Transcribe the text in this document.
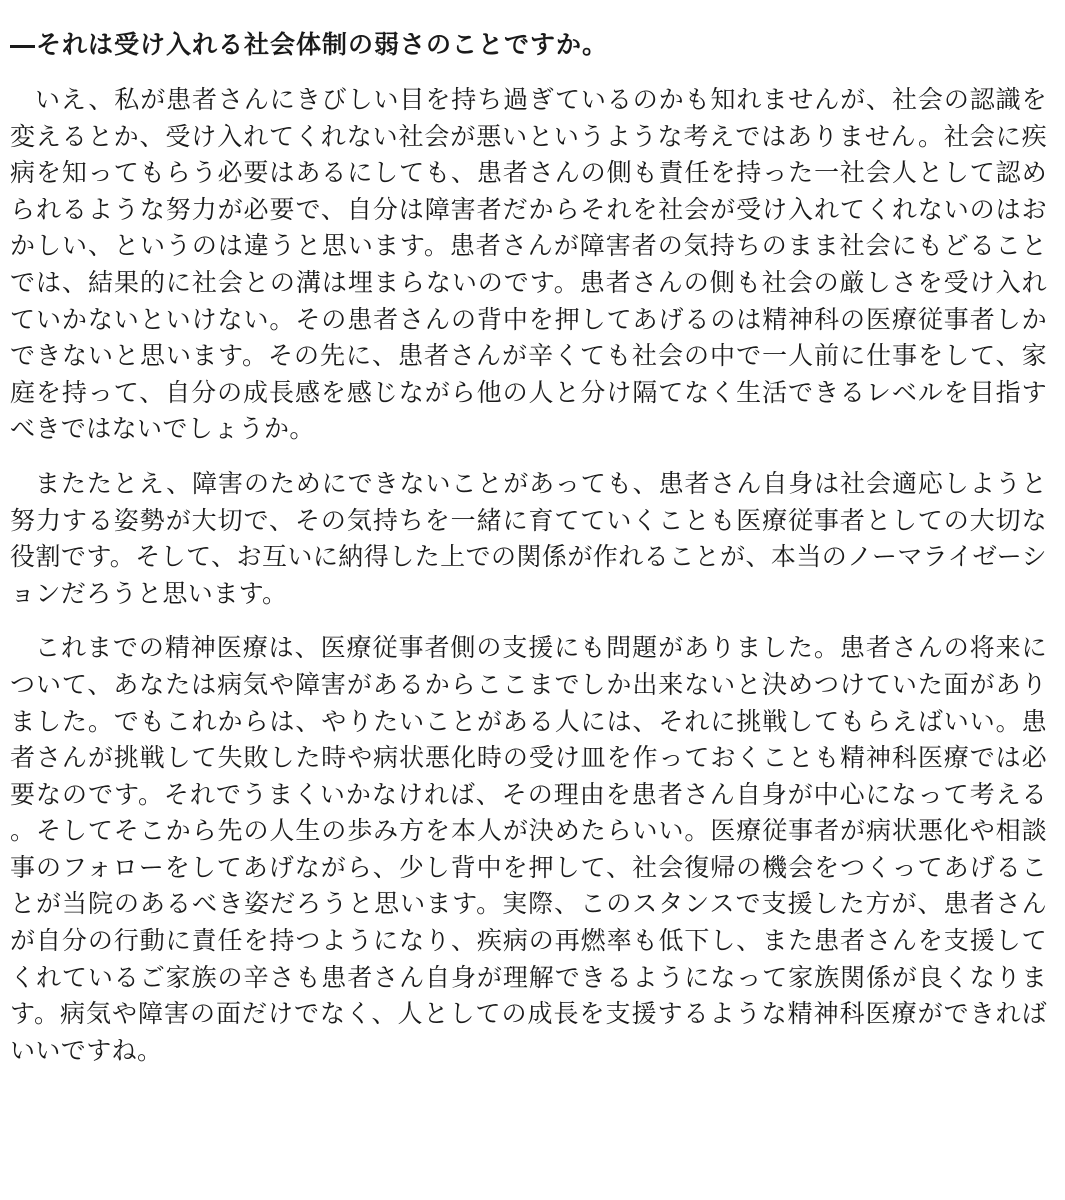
―それは受け入れる社会体制の弱さのことですか。

いえ、私が患者さんにきびしい目を持ち過ぎているのかも知れませんが、社会の認識を変えるとか、受け入れてくれない社会が悪いというような考えではありません。社会に疾病を知ってもらう必要はあるにしても、患者さんの側も責任を持った一社会人として認められるような努力が必要で、自分は障害者だからそれを社会が受け入れてくれないのはおかしい、というのは違うと思います。患者さんが障害者の気持ちのまま社会にもどることでは、結果的に社会との溝は埋まらないのです。患者さんの側も社会の厳しさを受け入れていかないといけない。その患者さんの背中を押してあげるのは精神科の医療従事者しかできないと思います。その先に、患者さんが辛くても社会の中で一人前に仕事をして、家庭を持って、自分の成長感を感じながら他の人と分け隔てなく生活できるレベルを目指すべきではないでしょうか。

またたとえ、障害のためにできないことがあっても、患者さん自身は社会適応しようと努力する姿勢が大切で、その気持ちを一緒に育てていくことも医療従事者としての大切な役割です。そして、お互いに納得した上での関係が作れることが、本当のノーマライゼーションだろうと思います。

これまでの精神医療は、医療従事者側の支援にも問題がありました。患者さんの将来について、あなたは病気や障害があるからここまでしか出来ないと決めつけていた面がありました。でもこれからは、やりたいことがある人には、それに挑戦してもらえばいい。患者さんが挑戦して失敗した時や病状悪化時の受け皿を作っておくことも精神科医療では必要なのです。それでうまくいかなければ、その理由を患者さん自身が中心になって考える。そしてそこから先の人生の歩み方を本人が決めたらいい。医療従事者が病状悪化や相談事のフォローをしてあげながら、少し背中を押して、社会復帰の機会をつくってあげることが当院のあるべき姿だろうと思います。実際、このスタンスで支援した方が、患者さんが自分の行動に責任を持つようになり、疾病の再燃率も低下し、また患者さんを支援してくれているご家族の辛さも患者さん自身が理解できるようになって家族関係が良くなります。病気や障害の面だけでなく、人としての成長を支援するような精神科医療ができればいいですね。
